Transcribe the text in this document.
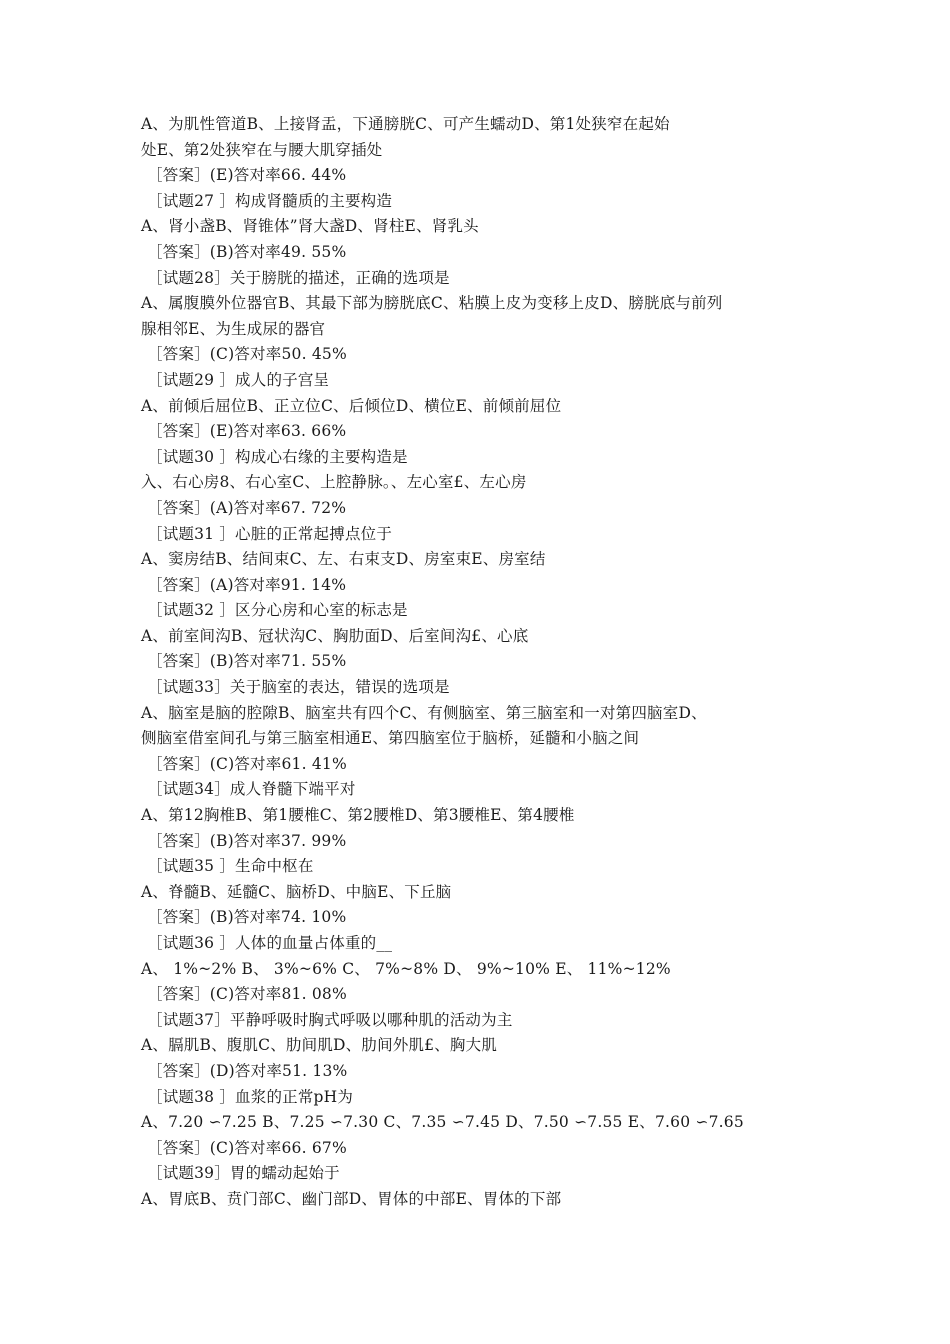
A、为肌性管道B、上接肾盂，下通膀胱C、可产生蠕动D、第1处狭窄在起始
处E、第2处狭窄在与腰大肌穿插处
［答案］(E)答对率66. 44%
［试题27 ］构成肾髓质的主要构造
A、肾小盏B、肾锥体”肾大盏D、肾柱E、肾乳头
［答案］(B)答对率49. 55%
［试题28］关于膀胱的描述，正确的选项是
A、属腹膜外位器官B、其最下部为膀胱底C、粘膜上皮为变移上皮D、膀胱底与前列
腺相邻E、为生成尿的器官
［答案］(C)答对率50. 45%
［试题29 ］成人的子宫呈
A、前倾后屈位B、正立位C、后倾位D、横位E、前倾前屈位
［答案］(E)答对率63. 66%
［试题30 ］构成心右缘的主要构造是
入、右心房8、右心室C、上腔静脉。、左心室£、左心房
［答案］(A)答对率67. 72%
［试题31 ］心脏的正常起搏点位于
A、窦房结B、结间束C、左、右束支D、房室束E、房室结
［答案］(A)答对率91. 14%
［试题32 ］区分心房和心室的标志是
A、前室间沟B、冠状沟C、胸肋面D、后室间沟£、心底
［答案］(B)答对率71. 55%
［试题33］关于脑室的表达，错误的选项是
A、脑室是脑的腔隙B、脑室共有四个C、有侧脑室、第三脑室和一对第四脑室D、
侧脑室借室间孔与第三脑室相通E、第四脑室位于脑桥，延髓和小脑之间
［答案］(C)答对率61. 41%
［试题34］成人脊髓下端平对
A、第12胸椎B、第1腰椎C、第2腰椎D、第3腰椎E、第4腰椎
［答案］(B)答对率37. 99%
［试题35 ］生命中枢在
A、脊髓B、延髓C、脑桥D、中脑E、下丘脑
［答案］(B)答对率74. 10%
［试题36 ］人体的血量占体重的__
A、 1%~2% B、 3%~6% C、 7%~8% D、 9%~10% E、 11%~12%
［答案］(C)答对率81. 08%
［试题37］平静呼吸时胸式呼吸以哪种肌的活动为主
A、膈肌B、腹肌C、肋间肌D、肋间外肌£、胸大肌
［答案］(D)答对率51. 13%
［试题38 ］血浆的正常pH为
A、7.20 ∽7.25 B、7.25 ∽7.30 C、7.35 ∽7.45 D、7.50 ∽7.55 E、7.60 ∽7.65
［答案］(C)答对率66. 67%
［试题39］胃的蠕动起始于
A、胃底B、贲门部C、幽门部D、胃体的中部E、胃体的下部
